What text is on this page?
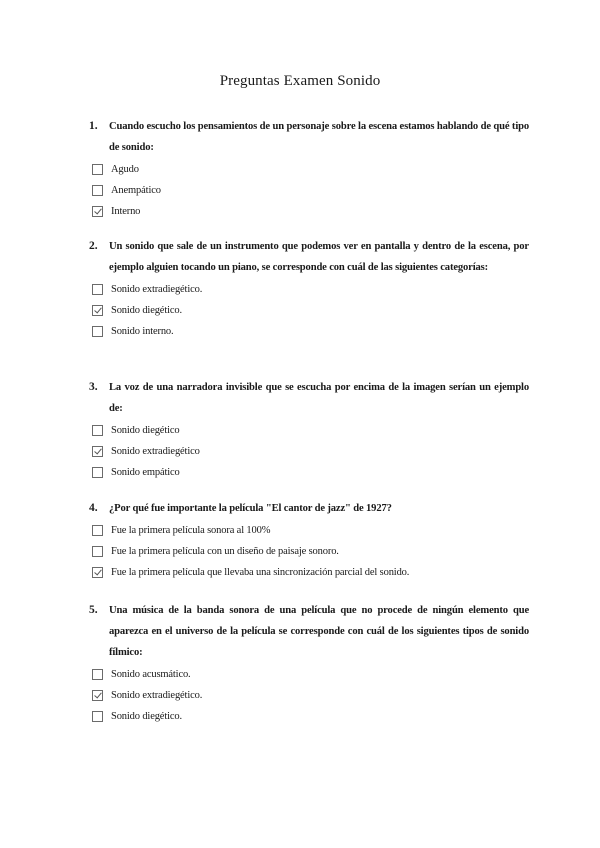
Preguntas Examen Sonido
1.	Cuando escucho los pensamientos de un personaje sobre la escena estamos hablando de qué tipo de sonido:
Agudo
Anempático
Interno
2.	Un sonido que sale de un instrumento que podemos ver en pantalla y dentro de la escena, por ejemplo alguien tocando un piano, se corresponde con cuál de las siguientes categorías:
Sonido extradiegético.
Sonido diegético.
Sonido interno.
3.	La voz de una narradora invisible que se escucha por encima de la imagen serían un ejemplo de:
Sonido diegético
Sonido extradiegético
Sonido empático
4.	¿Por qué fue importante la película "El cantor de jazz" de 1927?
Fue la primera película sonora al 100%
Fue la primera película con un diseño de paisaje sonoro.
Fue la primera película que llevaba una sincronización parcial del sonido.
5.	Una música de la banda sonora de una película que no procede de ningún elemento que aparezca en el universo de la película se corresponde con cuál de los siguientes tipos de sonido fílmico:
Sonido acusmático.
Sonido extradiegético.
Sonido diegético.
